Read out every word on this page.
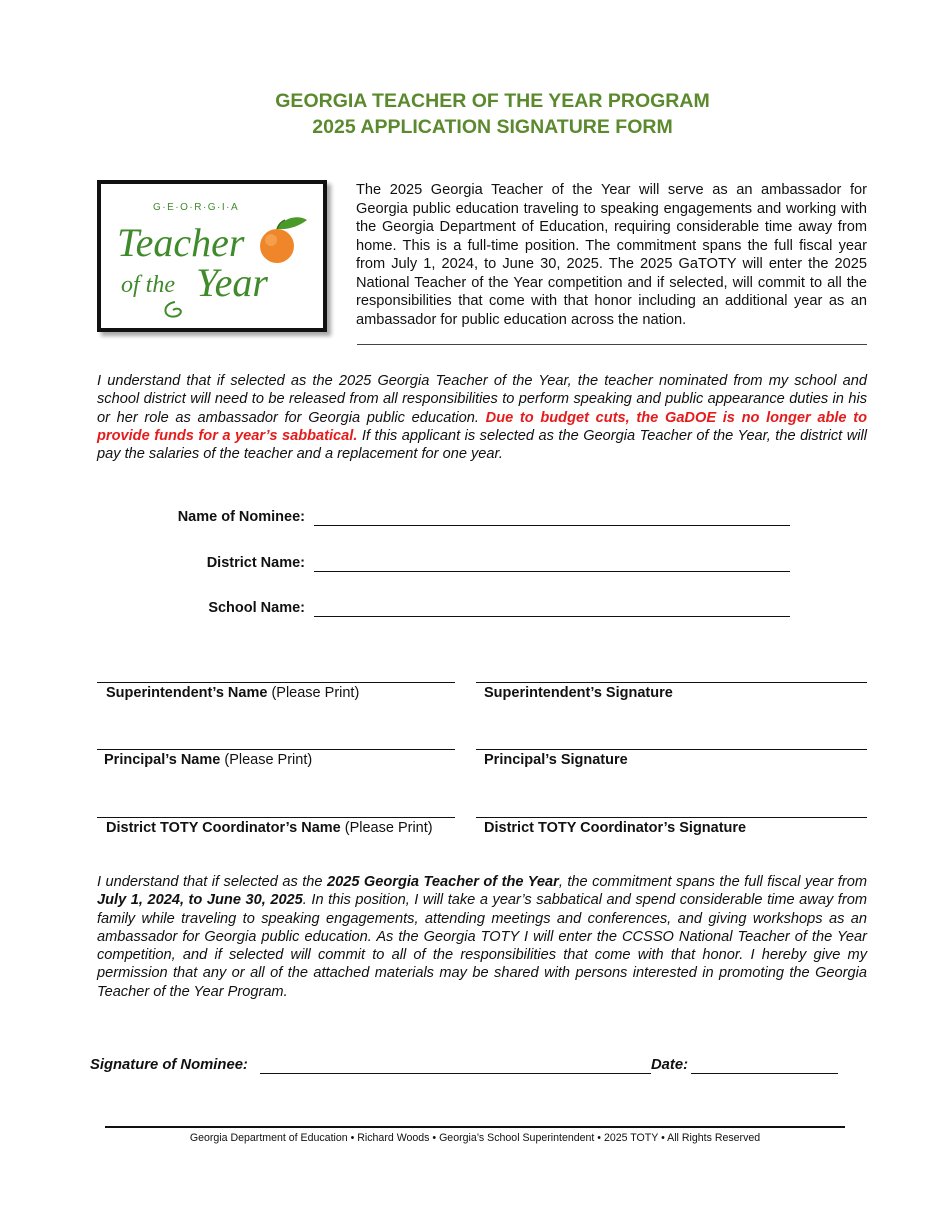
GEORGIA TEACHER OF THE YEAR PROGRAM
2025 APPLICATION SIGNATURE FORM
G·E·O·R·G·I·A
Teacher
of the Year
The 2025 Georgia Teacher of the Year will serve as an ambassador for Georgia public education traveling to speaking engagements and working with the Georgia Department of Education, requiring considerable time away from home. This is a full-time position. The commitment spans the full fiscal year from July 1, 2024, to June 30, 2025. The 2025 GaTOTY will enter the 2025 National Teacher of the Year competition and if selected, will commit to all the responsibilities that come with that honor including an additional year as an ambassador for public education across the nation.
I understand that if selected as the 2025 Georgia Teacher of the Year, the teacher nominated from my school and school district will need to be released from all responsibilities to perform speaking and public appearance duties in his or her role as ambassador for Georgia public education. Due to budget cuts, the GaDOE is no longer able to provide funds for a year’s sabbatical. If this applicant is selected as the Georgia Teacher of the Year, the district will pay the salaries of the teacher and a replacement for one year.
Name of Nominee:
District Name:
School Name:
Superintendent’s Name (Please Print)	Superintendent’s Signature
Principal’s Name (Please Print)	Principal’s Signature
District TOTY Coordinator’s Name (Please Print)	District TOTY Coordinator’s Signature
I understand that if selected as the 2025 Georgia Teacher of the Year, the commitment spans the full fiscal year from July 1, 2024, to June 30, 2025. In this position, I will take a year’s sabbatical and spend considerable time away from family while traveling to speaking engagements, attending meetings and conferences, and giving workshops as an ambassador for Georgia public education. As the Georgia TOTY I will enter the CCSSO National Teacher of the Year competition, and if selected will commit to all of the responsibilities that come with that honor. I hereby give my permission that any or all of the attached materials may be shared with persons interested in promoting the Georgia Teacher of the Year Program.
Signature of Nominee:	Date:
Georgia Department of Education • Richard Woods • Georgia’s School Superintendent • 2025 TOTY • All Rights Reserved
